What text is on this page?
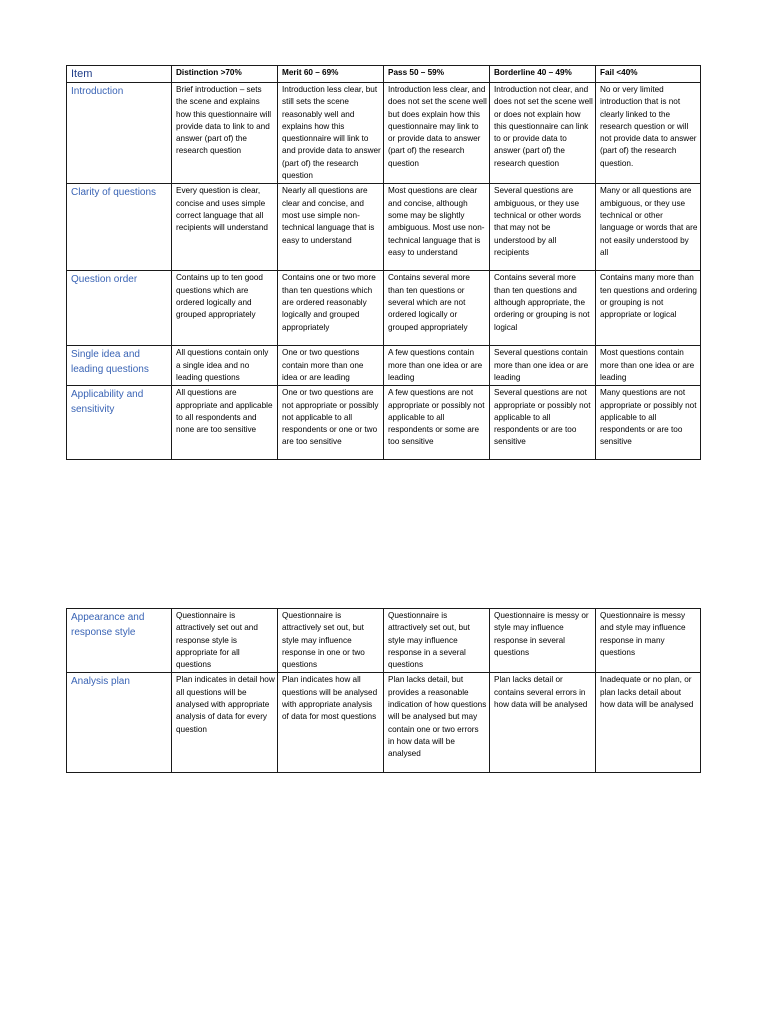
Item	Distinction >70%	Merit 60 – 69%	Pass 50 – 59%	Borderline 40 – 49%	Fail <40%
Introduction	Brief introduction – sets the scene and explains how this questionnaire will provide data to link to and answer (part of) the research question	Introduction less clear, but still sets the scene reasonably well and explains how this questionnaire will link to and provide data to answer (part of) the research question	Introduction less clear, and does not set the scene well but does explain how this questionnaire may link to or provide data to answer (part of) the research question	Introduction not clear, and does not set the scene well or does not explain how this questionnaire can link to or provide data to answer (part of) the research question	No or very limited introduction that is not clearly linked to the research question or will not provide data to answer (part of) the research question.
Clarity of questions	Every question is clear, concise and uses simple correct language that all recipients will understand	Nearly all questions are clear and concise, and most use simple non-technical language that is easy to understand	Most questions are clear and concise, although some may be slightly ambiguous. Most use non-technical language that is easy to understand	Several questions are ambiguous, or they use technical or other words that may not be understood by all recipients	Many or all questions are ambiguous, or they use technical or other language or words that are not easily understood by all
Question order	Contains up to ten good questions which are ordered logically and grouped appropriately	Contains one or two more than ten questions which are ordered reasonably logically and grouped appropriately	Contains several more than ten questions or several which are not ordered logically or grouped appropriately	Contains several more than ten questions and although appropriate, the ordering or grouping is not logical	Contains many more than ten questions and ordering or grouping is not appropriate or logical
Single idea and leading questions	All questions contain only a single idea and no leading questions	One or two questions contain more than one idea or are leading	A few questions contain more than one idea or are leading	Several questions contain more than one idea or are leading	Most questions contain more than one idea or are leading
Applicability and sensitivity	All questions are appropriate and applicable to all respondents and none are too sensitive	One or two questions are not appropriate or possibly not applicable to all respondents or one or two are too sensitive	A few questions are not appropriate or possibly not applicable to all respondents or some are too sensitive	Several questions are not appropriate or possibly not applicable to all respondents or are too sensitive	Many questions are not appropriate or possibly not applicable to all respondents or are too sensitive
Appearance and response style	Questionnaire is attractively set out and response style is appropriate for all questions	Questionnaire is attractively set out, but style may influence response in one or two questions	Questionnaire is attractively set out, but style may influence response in a several questions	Questionnaire is messy or style may influence response in several questions	Questionnaire is messy and style may influence response in many questions
Analysis plan	Plan indicates in detail how all questions will be analysed with appropriate analysis of data for every question	Plan indicates how all questions will be analysed with appropriate analysis of data for most questions	Plan lacks detail, but provides a reasonable indication of how questions will be analysed but may contain one or two errors in how data will be analysed	Plan lacks detail or contains several errors in how data will be analysed	Inadequate or no plan, or plan lacks detail about how data will be analysed
